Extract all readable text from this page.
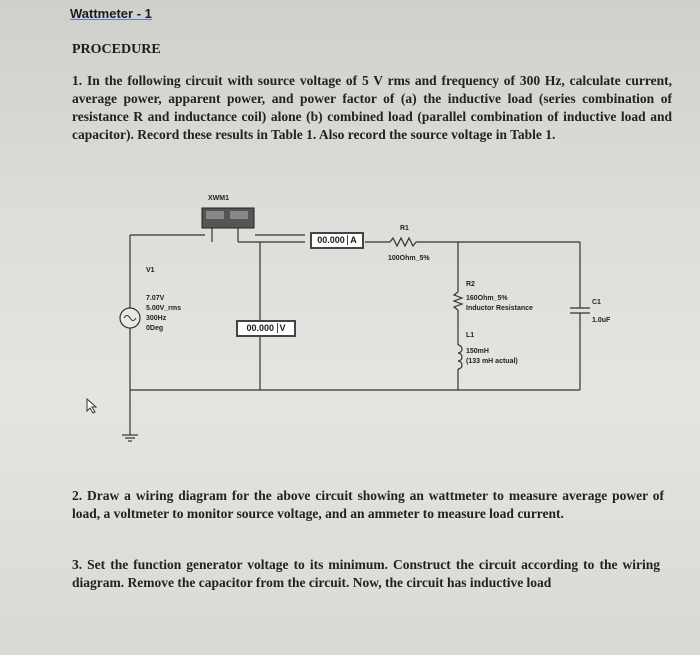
Wattmeter - 1
PROCEDURE
1. In the following circuit with source voltage of 5 V rms and frequency of 300 Hz, calculate current, average power, apparent power, and power factor of (a) the inductive load (series combination of resistance R and inductance coil) alone (b) combined load (parallel combination of inductive load and capacitor). Record these results in Table 1. Also record the source voltage in Table 1.
XWM1
R1
100Ohm_5%
V1
7.07V
5.00V_rms
300Hz
0Deg
R2
160Ohm_5%
Inductor Resistance
L1
150mH
(133 mH actual)
C1
1.0uF
00.000 A
00.000 V
2. Draw a wiring diagram for the above circuit showing an wattmeter to measure average power of load, a voltmeter to monitor source voltage, and an ammeter to measure load current.
3. Set the function generator voltage to its minimum. Construct the circuit according to the wiring diagram. Remove the capacitor from the circuit. Now, the circuit has inductive load
